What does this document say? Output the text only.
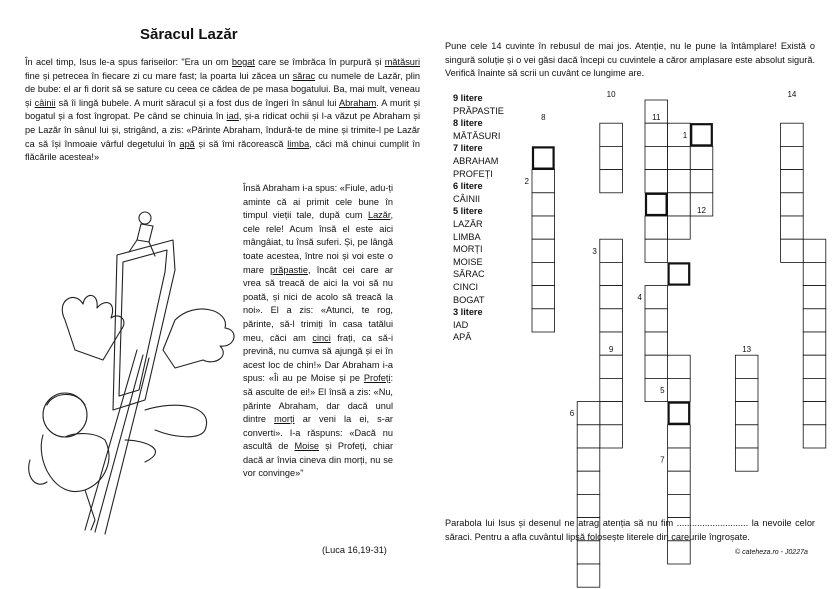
Săracul Lazăr
În acel timp, Isus le-a spus fariseilor: "Era un om bogat care se îmbrăca în purpură și mătăsuri fine și petrecea în fiecare zi cu mare fast; la poarta lui zăcea un sărac cu numele de Lazăr, plin de bube: el ar fi dorit să se sature cu ceea ce cădea de pe masa bogatului. Ba, mai mult, veneau și câinii să îi lingă bubele. A murit săracul și a fost dus de îngeri în sânul lui Abraham. A murit și bogatul și a fost îngropat. Pe când se chinuia în iad, și-a ridicat ochii și l-a văzut pe Abraham și pe Lazăr în sânul lui și, strigând, a zis: «Părinte Abraham, îndură-te de mine și trimite-l pe Lazăr ca să își înmoaie vârful degetului în apă și să îmi răcorească limba, căci mă chinui cumplit în flăcările acestea!»
Însă Abraham i-a spus: «Fiule, adu-ți aminte că ai primit cele bune în timpul vieții tale, după cum Lazăr, cele rele! Acum însă el este aici mângâiat, tu însă suferi. Și, pe lângă toate acestea, între noi și voi este o mare prăpastie, încât cei care ar vrea să treacă de aici la voi să nu poată, și nici de acolo să treacă la noi». El a zis: «Atunci, te rog, părinte, să-l trimiți în casa tatălui meu, căci am cinci frați, ca să-i prevină, nu cumva să ajungă și ei în acest loc de chin!» Dar Abraham i-a spus: «Îi au pe Moise și pe Profeți: să asculte de ei!» El însă a zis: «Nu, părinte Abraham, dar dacă unul dintre morți ar veni la ei, s-ar converti». I-a răspuns: «Dacă nu ascultă de Moise și Profeți, chiar dacă ar învia cineva din morți, nu se vor convinge»"
(Luca 16,19-31)
Pune cele 14 cuvinte în rebusul de mai jos. Atenție, nu le pune la întâmplare! Există o singură soluție și o vei găsi dacă începi cu cuvintele a căror amplasare este absolut sigură. Verifică înainte să scrii un cuvânt ce lungime are.
9 litere
PRĂPASTIE
8 litere
MĂTĂSURI
7 litere
ABRAHAM
PROFEȚI
6 litere
CÂINII
5 litere
LAZĂR
LIMBA
MORȚI
MOISE
SĂRAC
CINCI
BOGAT
3 litere
IAD
APĂ
1
2
3
4
5
6
7
8
9
10
11
12
13
14
Parabola lui Isus și desenul ne atrag atenția să nu fim ............................ la nevoile celor săraci. Pentru a afla cuvântul lipsă folosește literele din careurile îngroșate.
© cateheza.ro - J0227a
